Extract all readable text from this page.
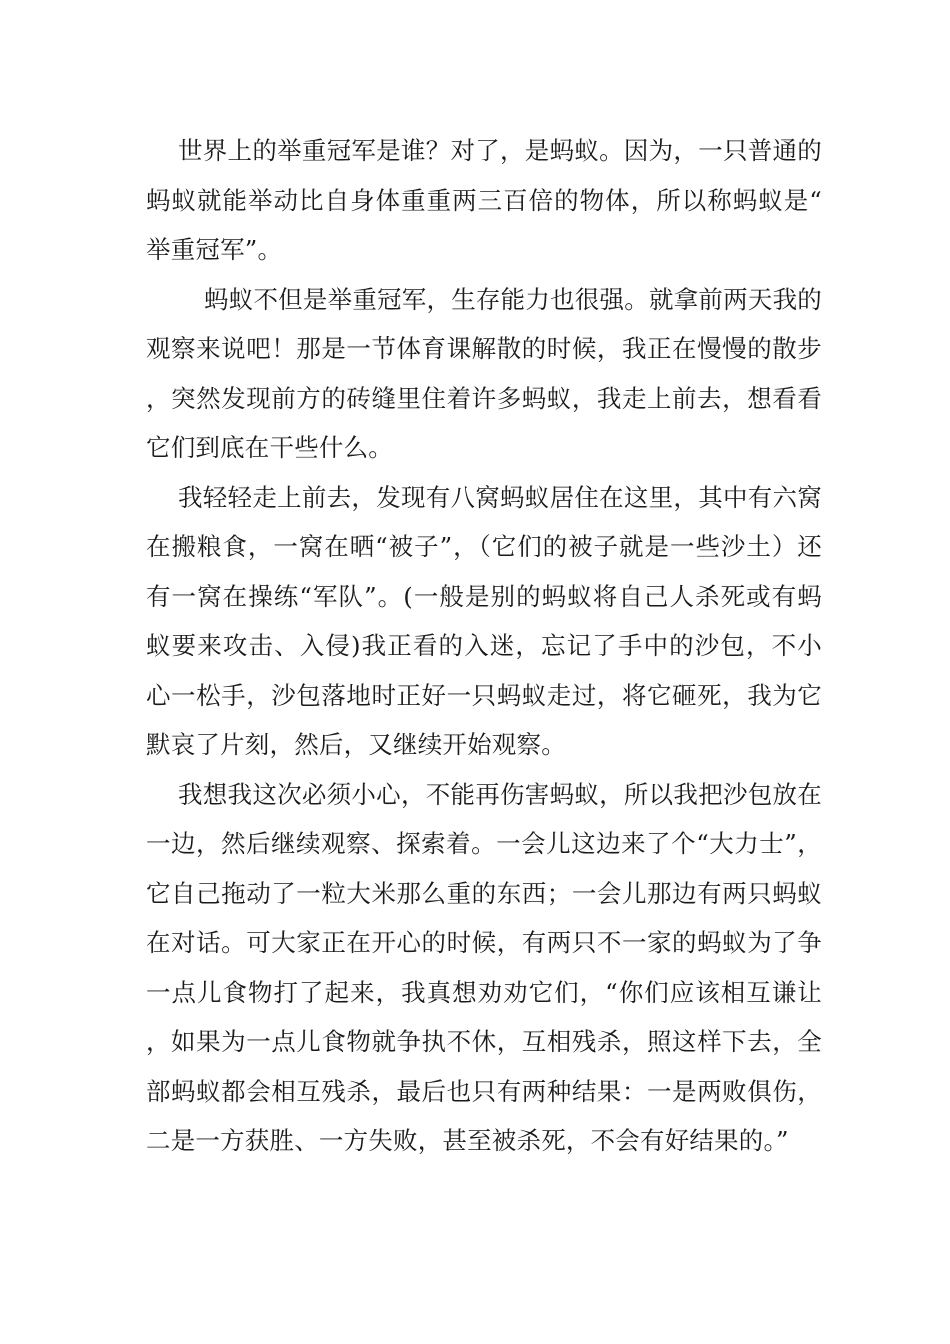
世界上的举重冠军是谁？对了，是蚂蚁。因为，一只普通的蚂蚁就能举动比自身体重重两三百倍的物体，所以称蚂蚁是“举重冠军”。

蚂蚁不但是举重冠军，生存能力也很强。就拿前两天我的观察来说吧！那是一节体育课解散的时候，我正在慢慢的散步，突然发现前方的砖缝里住着许多蚂蚁，我走上前去，想看看它们到底在干些什么。

我轻轻走上前去，发现有八窝蚂蚁居住在这里，其中有六窝在搬粮食，一窝在晒“被子”，（它们的被子就是一些沙土）还有一窝在操练“军队”。(一般是别的蚂蚁将自己人杀死或有蚂蚁要来攻击、入侵)我正看的入迷，忘记了手中的沙包，不小心一松手，沙包落地时正好一只蚂蚁走过，将它砸死，我为它默哀了片刻，然后，又继续开始观察。

我想我这次必须小心，不能再伤害蚂蚁，所以我把沙包放在一边，然后继续观察、探索着。一会儿这边来了个“大力士”，它自己拖动了一粒大米那么重的东西；一会儿那边有两只蚂蚁在对话。可大家正在开心的时候，有两只不一家的蚂蚁为了争一点儿食物打了起来，我真想劝劝它们，“你们应该相互谦让，如果为一点儿食物就争执不休，互相残杀，照这样下去，全部蚂蚁都会相互残杀，最后也只有两种结果：一是两败俱伤，二是一方获胜、一方失败，甚至被杀死，不会有好结果的。”
